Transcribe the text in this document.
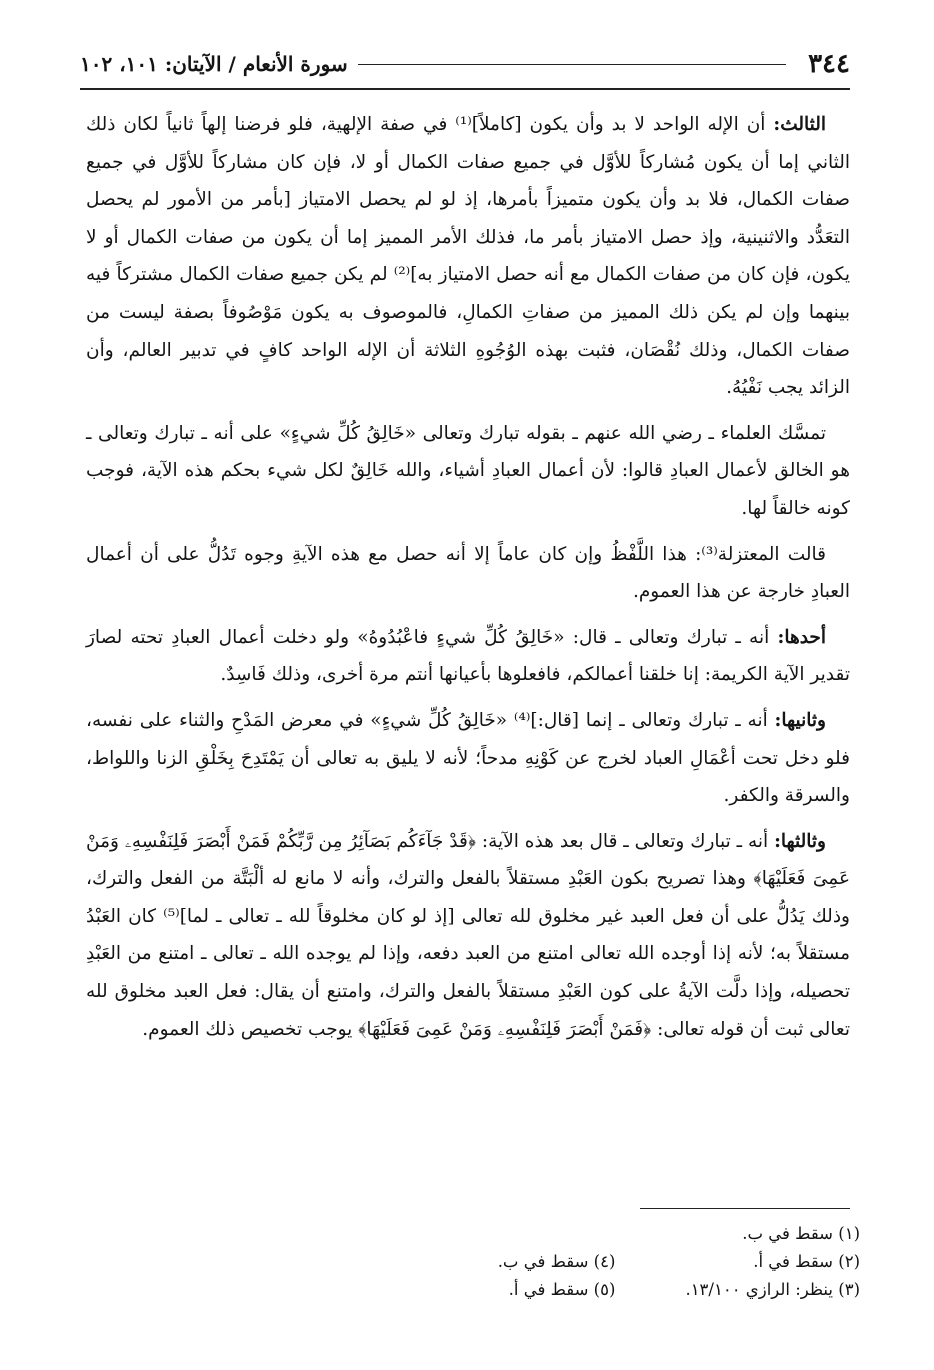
٣٤٤
سورة الأنعام / الآيتان: ١٠١، ١٠٢

الثالث: أن الإله الواحد لا بد وأن يكون [كاملاً]⁽¹⁾ في صفة الإلهية، فلو فرضنا إلهاً ثانياً لكان ذلك الثاني إما أن يكون مُشاركاً للأوَّل في جميع صفات الكمال أو لا، فإن كان مشاركاً للأوَّل في جميع صفات الكمال، فلا بد وأن يكون متميزاً بأمرها، إذ لو لم يحصل الامتياز [بأمر من الأمور لم يحصل التعَدُّد والاثنينية، وإذ حصل الامتياز بأمر ما، فذلك الأمر المميز إما أن يكون من صفات الكمال أو لا يكون، فإن كان من صفات الكمال مع أنه حصل الامتياز به]⁽²⁾ لم يكن جميع صفات الكمال مشتركاً فيه بينهما وإن لم يكن ذلك المميز من صفاتِ الكمالِ، فالموصوف به يكون مَوْصُوفاً بصفة ليست من صفات الكمال، وذلك نُقْصَان، فثبت بهذه الوُجُوهِ الثلاثة أن الإله الواحد كافٍ في تدبير العالم، وأن الزائد يجب نَفْيُهُ.

تمسَّك العلماء ـ رضي الله عنهم ـ بقوله تبارك وتعالى «خَالِقُ كُلِّ شيءٍ» على أنه ـ تبارك وتعالى ـ هو الخالق لأعمال العبادِ قالوا: لأن أعمال العبادِ أشياء، والله خَالِقٌ لكل شيء بحكم هذه الآية، فوجب كونه خالقاً لها.

قالت المعتزلة⁽³⁾: هذا اللَّفْظُ وإن كان عاماً إلا أنه حصل مع هذه الآيةِ وجوه تَدُلُّ على أن أعمال العبادِ خارجة عن هذا العموم.

أحدها: أنه ـ تبارك وتعالى ـ قال: «خَالِقُ كُلِّ شيءٍ فاعْبُدُوهُ» ولو دخلت أعمال العبادِ تحته لصارَ تقدير الآية الكريمة: إنا خلقنا أعمالكم، فافعلوها بأعيانها أنتم مرة أخرى، وذلك فَاسِدٌ.

وثانيها: أنه ـ تبارك وتعالى ـ إنما [قال:]⁽⁴⁾ «خَالِقُ كُلِّ شيءٍ» في معرض المَدْحِ والثناء على نفسه، فلو دخل تحت أعْمَالِ العباد لخرج عن كَوْنِهِ مدحاً؛ لأنه لا يليق به تعالى أن يَمْتَدِحَ بِخَلْقِ الزنا واللواط، والسرقة والكفر.

وثالثها: أنه ـ تبارك وتعالى ـ قال بعد هذه الآية: ﴿قَدْ جَآءَكُم بَصَآئِرُ مِن رَّبِّكُمْ فَمَنْ أَبْصَرَ فَلِنَفْسِهِۦ وَمَنْ عَمِىَ فَعَلَيْهَا﴾ وهذا تصريح بكون العَبْدِ مستقلاً بالفعل والترك، وأنه لا مانع له ألْبَتَّة من الفعل والترك، وذلك يَدُلُّ على أن فعل العبد غير مخلوق لله تعالى [إذ لو كان مخلوقاً لله ـ تعالى ـ لما]⁽⁵⁾ كان العَبْدُ مستقلاً به؛ لأنه إذا أوجده الله تعالى امتنع من العبد دفعه، وإذا لم يوجده الله ـ تعالى ـ امتنع من العَبْدِ تحصيله، وإذا دلَّت الآيةُ على كون العَبْدِ مستقلاً بالفعل والترك، وامتنع أن يقال: فعل العبد مخلوق لله تعالى ثبت أن قوله تعالى: ﴿فَمَنْ أَبْصَرَ فَلِنَفْسِهِۦ وَمَنْ عَمِىَ فَعَلَيْهَا﴾ يوجب تخصيص ذلك العموم.

(١) سقط في ب.
(٢) سقط في أ.
(٣) ينظر: الرازي ١٣/١٠٠.
(٤) سقط في ب.
(٥) سقط في أ.
